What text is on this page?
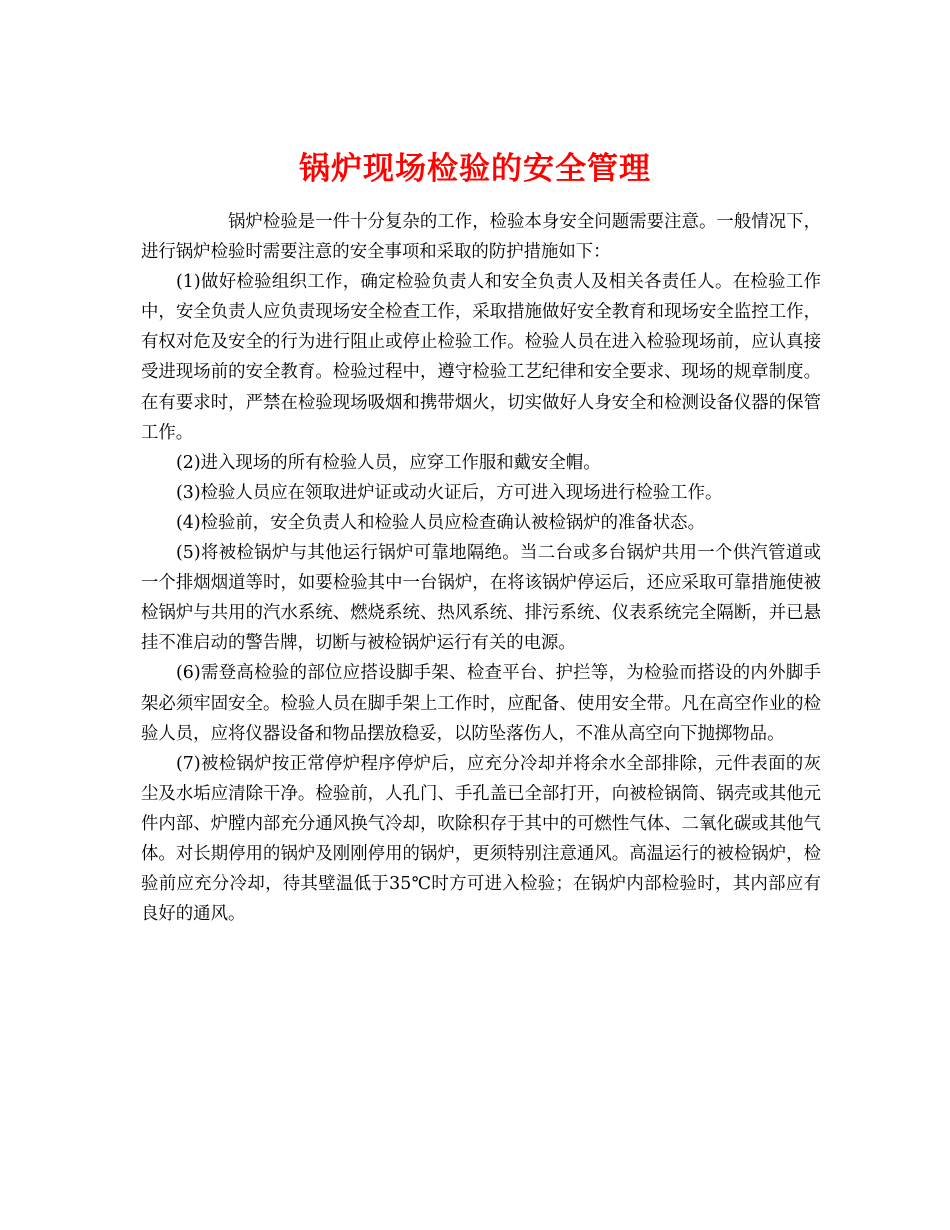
锅炉现场检验的安全管理

锅炉检验是一件十分复杂的工作，检验本身安全问题需要注意。一般情况下，进行锅炉检验时需要注意的安全事项和采取的防护措施如下：

(1)做好检验组织工作，确定检验负责人和安全负责人及相关各责任人。在检验工作中，安全负责人应负责现场安全检查工作，采取措施做好安全教育和现场安全监控工作，有权对危及安全的行为进行阻止或停止检验工作。检验人员在进入检验现场前，应认真接受进现场前的安全教育。检验过程中，遵守检验工艺纪律和安全要求、现场的规章制度。在有要求时，严禁在检验现场吸烟和携带烟火，切实做好人身安全和检测设备仪器的保管工作。

(2)进入现场的所有检验人员，应穿工作服和戴安全帽。

(3)检验人员应在领取进炉证或动火证后，方可进入现场进行检验工作。

(4)检验前，安全负责人和检验人员应检查确认被检锅炉的准备状态。

(5)将被检锅炉与其他运行锅炉可靠地隔绝。当二台或多台锅炉共用一个供汽管道或一个排烟烟道等时，如要检验其中一台锅炉，在将该锅炉停运后，还应采取可靠措施使被检锅炉与共用的汽水系统、燃烧系统、热风系统、排污系统、仪表系统完全隔断，并已悬挂不准启动的警告牌，切断与被检锅炉运行有关的电源。

(6)需登高检验的部位应搭设脚手架、检查平台、护拦等，为检验而搭设的内外脚手架必须牢固安全。检验人员在脚手架上工作时，应配备、使用安全带。凡在高空作业的检验人员，应将仪器设备和物品摆放稳妥，以防坠落伤人，不准从高空向下抛掷物品。

(7)被检锅炉按正常停炉程序停炉后，应充分冷却并将余水全部排除，元件表面的灰尘及水垢应清除干净。检验前，人孔门、手孔盖已全部打开，向被检锅筒、锅壳或其他元件内部、炉膛内部充分通风换气冷却，吹除积存于其中的可燃性气体、二氧化碳或其他气体。对长期停用的锅炉及刚刚停用的锅炉，更须特别注意通风。高温运行的被检锅炉，检验前应充分冷却，待其壁温低于35℃时方可进入检验；在锅炉内部检验时，其内部应有良好的通风。
